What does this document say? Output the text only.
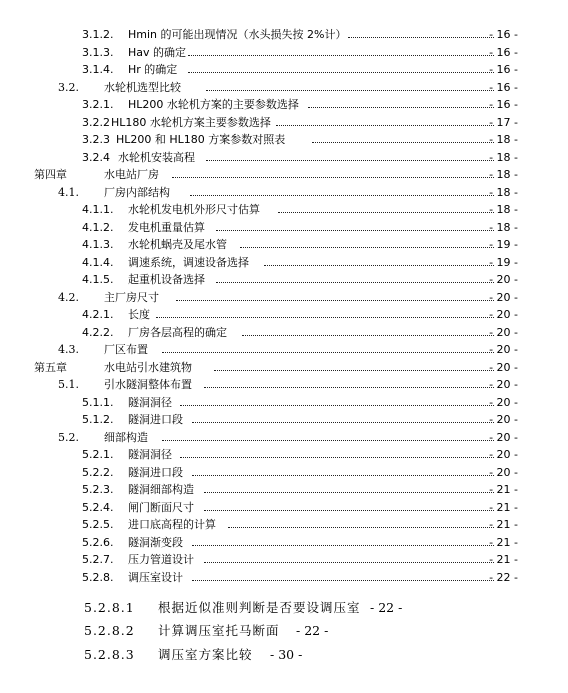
3.1.2. Hmin 的可能出现情况（水头损失按 2%计）	- 16 -
3.1.3. Hav 的确定	- 16 -
3.1.4. Hr 的确定	- 16 -
3.2. 水轮机选型比较	- 16 -
3.2.1. HL200 水轮机方案的主要参数选择	- 16 -
3.2.2 HL180 水轮机方案主要参数选择	- 17 -
3.2.3 HL200 和 HL180 方案参数对照表	- 18 -
3.2.4 水轮机安装高程	- 18 -
第四章	水电站厂房	- 18 -
4.1. 厂房内部结构	- 18 -
4.1.1. 水轮机发电机外形尺寸估算	- 18 -
4.1.2. 发电机重量估算	- 18 -
4.1.3. 水轮机蜗壳及尾水管	- 19 -
4.1.4. 调速系统，调速设备选择	- 19 -
4.1.5. 起重机设备选择	- 20 -
4.2. 主厂房尺寸	- 20 -
4.2.1. 长度	- 20 -
4.2.2. 厂房各层高程的确定	- 20 -
4.3. 厂区布置	- 20 -
第五章	水电站引水建筑物	- 20 -
5.1. 引水隧洞整体布置	- 20 -
5.1.1. 隧洞洞径	- 20 -
5.1.2. 隧洞进口段	- 20 -
5.2. 细部构造	- 20 -
5.2.1. 隧洞洞径	- 20 -
5.2.2. 隧洞进口段	- 20 -
5.2.3. 隧洞细部构造	- 21 -
5.2.4. 闸门断面尺寸	- 21 -
5.2.5. 进口底高程的计算	- 21 -
5.2.6. 隧洞渐变段	- 21 -
5.2.7. 压力管道设计	- 21 -
5.2.8. 调压室设计	- 22 -
5.2.8.1 根据近似准则判断是否要设调压室 - 22 -
5.2.8.2 计算调压室托马断面 - 22 -
5.2.8.3 调压室方案比较 - 30 -
